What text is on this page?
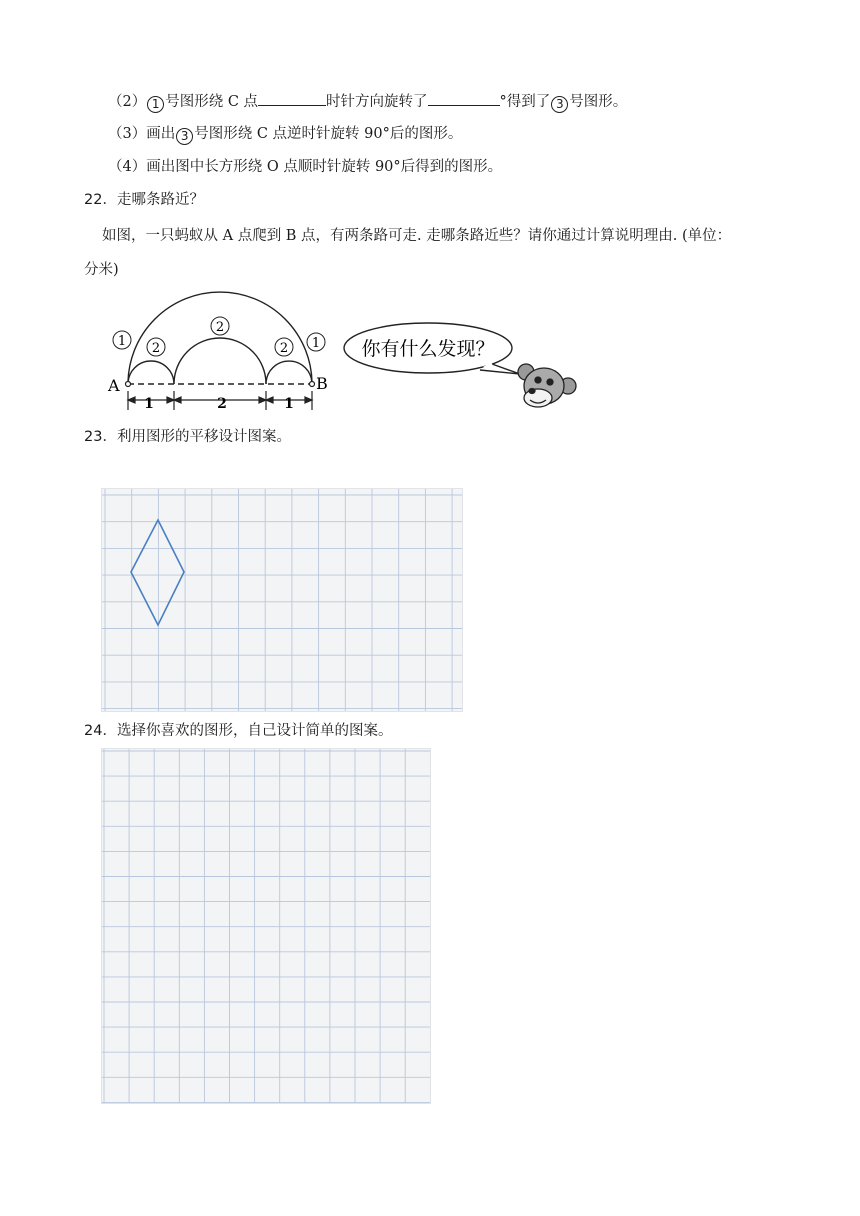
（2） 1 号图形绕 C 点	时针方向旋转了	°得到了 3 号图形。
（3）画出 3 号图形绕 C 点逆时针旋转 90°后的图形。
（4）画出图中长方形绕 O 点顺时针旋转 90°后得到的图形。
22．走哪条路近？
如图，一只蚂蚁从 A 点爬到 B 点，有两条路可走. 走哪条路近些？请你通过计算说明理由. (单位：
分米)
A	B
1 2
2
2 1
1	2	1
你有什么发现？
23．利用图形的平移设计图案。
24．选择你喜欢的图形，自己设计简单的图案。
